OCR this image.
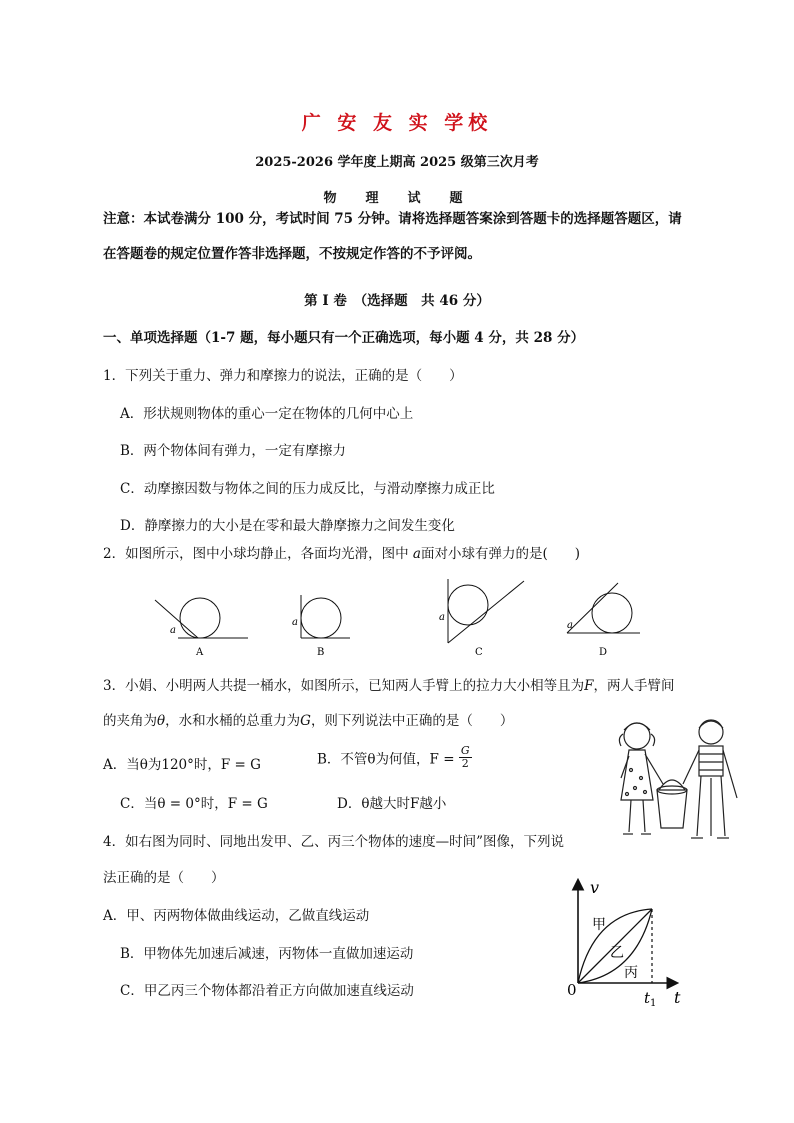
广 安 友 实 学校
2025-2026 学年度上期高 2025 级第三次月考
物　理　试　题
注意：本试卷满分 100 分，考试时间 75 分钟。请将选择题答案涂到答题卡的选择题答题区，请
在答题卷的规定位置作答非选择题，不按规定作答的不予评阅。
第 I 卷　（选择题　共 46 分）
一、单项选择题（1-7 题，每小题只有一个正确选项，每小题 4 分，共 28 分）
1．下列关于重力、弹力和摩擦力的说法，正确的是（　　）
A．形状规则物体的重心一定在物体的几何中心上
B．两个物体间有弹力，一定有摩擦力
C．动摩擦因数与物体之间的压力成反比，与滑动摩擦力成正比
D．静摩擦力的大小是在零和最大静摩擦力之间发生变化
2．如图所示，图中小球均静止，各面均光滑，图中 a面对小球有弹力的是(　　)
a
A
a
B
a
C
a
D
3．小娟、小明两人共提一桶水，如图所示，已知两人手臂上的拉力大小相等且为F，两人手臂间
的夹角为θ，水和水桶的总重力为G，则下列说法中正确的是（　　）
A．当θ为120°时，F = G	B．不管θ为何值，$F = \frac{G}{2}$
C．当θ = 0°时，F = G	D．θ越大时F越小
4．如右图为同时、同地出发甲、乙、丙三个物体的速度—时间”图像，下列说
法正确的是（　　）
A．甲、丙两物体做曲线运动，乙做直线运动
B．甲物体先加速后减速，丙物体一直做加速运动
C．甲乙丙三个物体都沿着正方向做加速直线运动
v
t
0	$t_1$
甲
乙
丙
